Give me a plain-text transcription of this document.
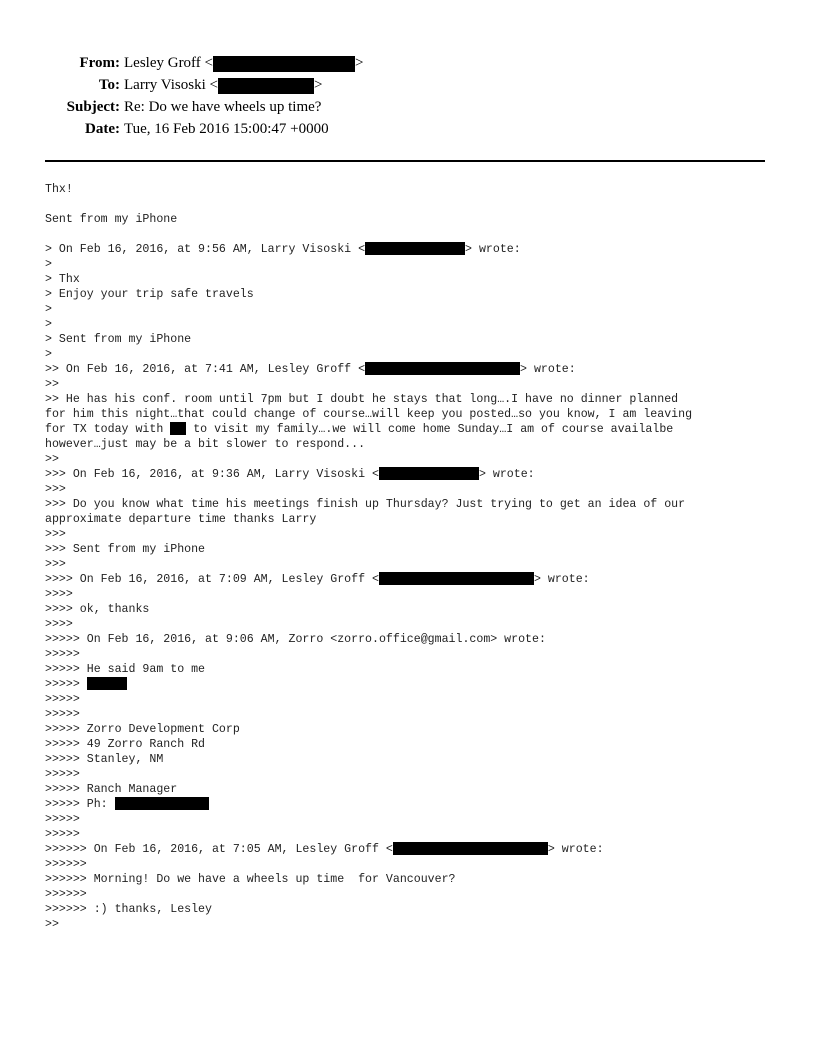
From: Lesley Groff <	>
To: Larry Visoski <	>
Subject: Re: Do we have wheels up time?
Date: Tue, 16 Feb 2016 15:00:47 +0000
Thx!
Sent from my iPhone
> On Feb 16, 2016, at 9:56 AM, Larry Visoski <	> wrote:
>
> Thx
> Enjoy your trip safe travels
>
>
> Sent from my iPhone
>
>> On Feb 16, 2016, at 7:41 AM, Lesley Groff <	> wrote:
>>
>> He has his conf. room until 7pm but I doubt he stays that long….I have no dinner planned
for him this night…that could change of course…will keep you posted…so you know, I am leaving
for TX today with  to visit my family….we will come home Sunday…I am of course availalbe
however…just may be a bit slower to respond...
>>
>>> On Feb 16, 2016, at 9:36 AM, Larry Visoski <	> wrote:
>>>
>>> Do you know what time his meetings finish up Thursday? Just trying to get an idea of our
approximate departure time thanks Larry
>>>
>>> Sent from my iPhone
>>>
>>>> On Feb 16, 2016, at 7:09 AM, Lesley Groff <	> wrote:
>>>>
>>>> ok, thanks
>>>>
>>>>> On Feb 16, 2016, at 9:06 AM, Zorro <zorro.office@gmail.com> wrote:
>>>>>
>>>>> He said 9am to me
>>>>>
>>>>>
>>>>>
>>>>> Zorro Development Corp
>>>>> 49 Zorro Ranch Rd
>>>>> Stanley, NM
>>>>>
>>>>> Ranch Manager
>>>>> Ph:
>>>>>
>>>>>
>>>>>> On Feb 16, 2016, at 7:05 AM, Lesley Groff <	> wrote:
>>>>>>
>>>>>> Morning! Do we have a wheels up time  for Vancouver?
>>>>>>
>>>>>> :) thanks, Lesley
>>
